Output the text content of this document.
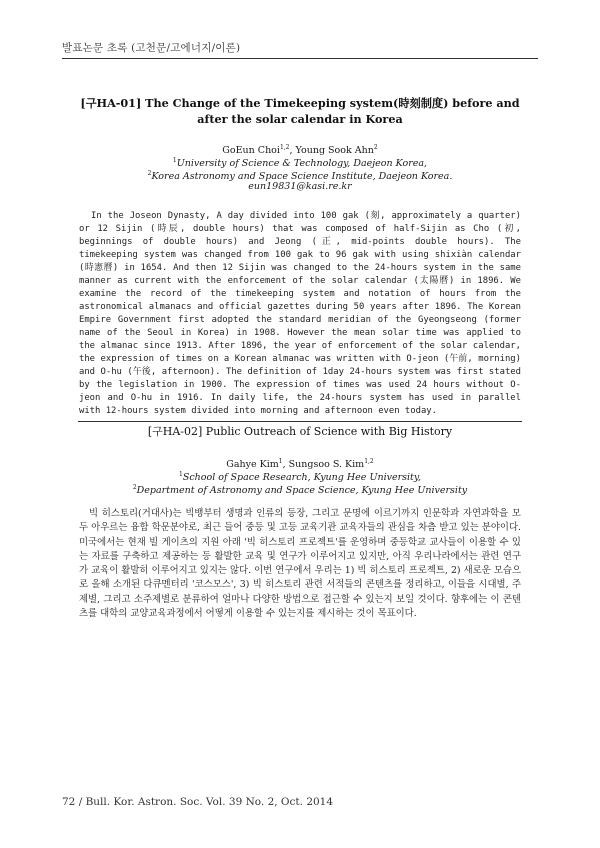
발표논문 초록 (고천문/고에너지/이론)
[구HA-01] The Change of the Timekeeping system(時刻制度) before and
after the solar calendar in Korea
GoEun Choi$^{1,2}$, Young Sook Ahn$^2$
$^1$University of Science & Technology, Daejeon Korea,
$^2$Korea Astronomy and Space Science Institute, Daejeon Korea.
eun19831@kasi.re.kr

In the Joseon Dynasty, A day divided into 100 gak (刻, approximately a quarter) or 12 Sijin (時辰, double hours) that was composed of half-Sijin as Cho (初, beginnings of double hours) and Jeong (正, mid-points double hours). The timekeeping system was changed from 100 gak to 96 gak with using shixiàn calendar (時憲曆) in 1654. And then 12 Sijin was changed to the 24-hours system in the same manner as current with the enforcement of the solar calendar (太陽曆) in 1896. We examine the record of the timekeeping system and notation of hours from the astronomical almanacs and official gazettes during 50 years after 1896. The Korean Empire Government first adopted the standard meridian of the Gyeongseong (former name of the Seoul in Korea) in 1908. However the mean solar time was applied to the almanac since 1913. After 1896, the year of enforcement of the solar calendar, the expression of times on a Korean almanac was written with O-jeon (午前, morning) and O-hu (午後, afternoon). The definition of 1day 24-hours system was first stated by the legislation in 1900. The expression of times was used 24 hours without O-jeon and O-hu in 1916. In daily life, the 24-hours system has used in parallel with 12-hours system divided into morning and afternoon even today.

[구HA-02] Public Outreach of Science with Big History
Gahye Kim$^1$, Sungsoo S. Kim$^{1,2}$
$^1$School of Space Research, Kyung Hee University,
$^2$Department of Astronomy and Space Science, Kyung Hee University

빅 히스토리(거대사)는 빅뱅부터 생명과 인류의 등장, 그리고 문명에 이르기까지 인문학과 자연과학을 모두 아우르는 융합 학문분야로, 최근 들어 중등 및 고등 교육기관 교육자들의 관심을 차츰 받고 있는 분야이다. 미국에서는 현재 빌 게이츠의 지원 아래 '빅 히스토리 프로젝트'를 운영하며 중등학교 교사들이 이용할 수 있는 자료를 구축하고 제공하는 등 활발한 교육 및 연구가 이루어지고 있지만, 아직 우리나라에서는 관련 연구가 교육이 활발히 이루어지고 있지는 않다. 이번 연구에서 우리는 1) 빅 히스토리 프로젝트, 2) 새로운 모습으로 올해 소개된 다큐멘터리 '코스모스', 3) 빅 히스토리 관련 서적들의 콘텐츠를 정리하고, 이들을 시대별, 주제별, 그리고 소주제별로 분류하여 얼마나 다양한 방법으로 접근할 수 있는지 보일 것이다. 향후에는 이 콘텐츠를 대학의 교양교육과정에서 어떻게 이용할 수 있는지를 제시하는 것이 목표이다.

72 / Bull. Kor. Astron. Soc. Vol. 39 No. 2, Oct. 2014
